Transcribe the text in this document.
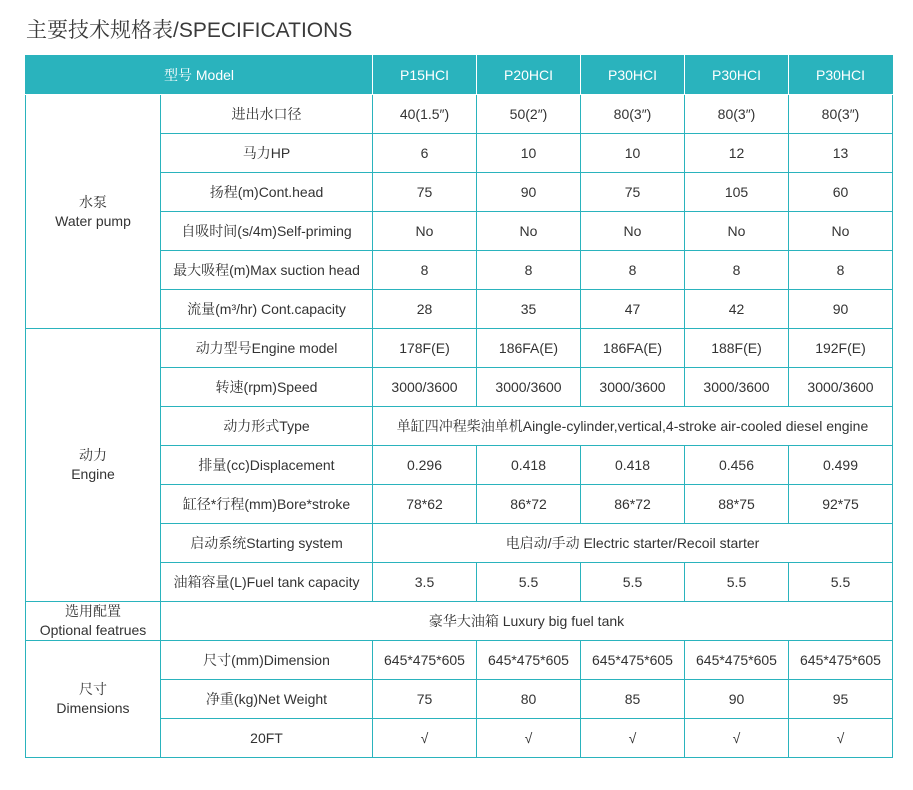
主要技术规格表/SPECIFICATIONS
型号 Model		P15HCI	P20HCI	P30HCI	P30HCI	P30HCI

水泵
Water pump	进出水口径	40(1.5″)	50(2″)	80(3″)	80(3″)	80(3″)
	马力HP	6	10	10	12	13
	扬程(m)Cont.head	75	90	75	105	60
	自吸时间(s/4m)Self-priming	No	No	No	No	No
	最大吸程(m)Max suction head	8	8	8	8	8
	流量(m³/hr) Cont.capacity	28	35	47	42	90

动力
Engine	动力型号Engine model	178F(E)	186FA(E)	186FA(E)	188F(E)	192F(E)
	转速(rpm)Speed	3000/3600	3000/3600	3000/3600	3000/3600	3000/3600
	动力形式Type	单缸四冲程柴油单机Aingle-cylinder,vertical,4-stroke air-cooled diesel engine				
	排量(cc)Displacement	0.296	0.418	0.418	0.456	0.499
	缸径*行程(mm)Bore*stroke	78*62	86*72	86*72	88*75	92*75
	启动系统Starting system	电启动/手动 Electric starter/Recoil starter				
	油箱容量(L)Fuel tank capacity	3.5	5.5	5.5	5.5	5.5

选用配置
Optional featrues	豪华大油箱 Luxury big fuel tank					

尺寸
Dimensions	尺寸(mm)Dimension	645*475*605	645*475*605	645*475*605	645*475*605	645*475*605
	净重(kg)Net Weight	75	80	85	90	95
	20FT	√	√	√	√	√
